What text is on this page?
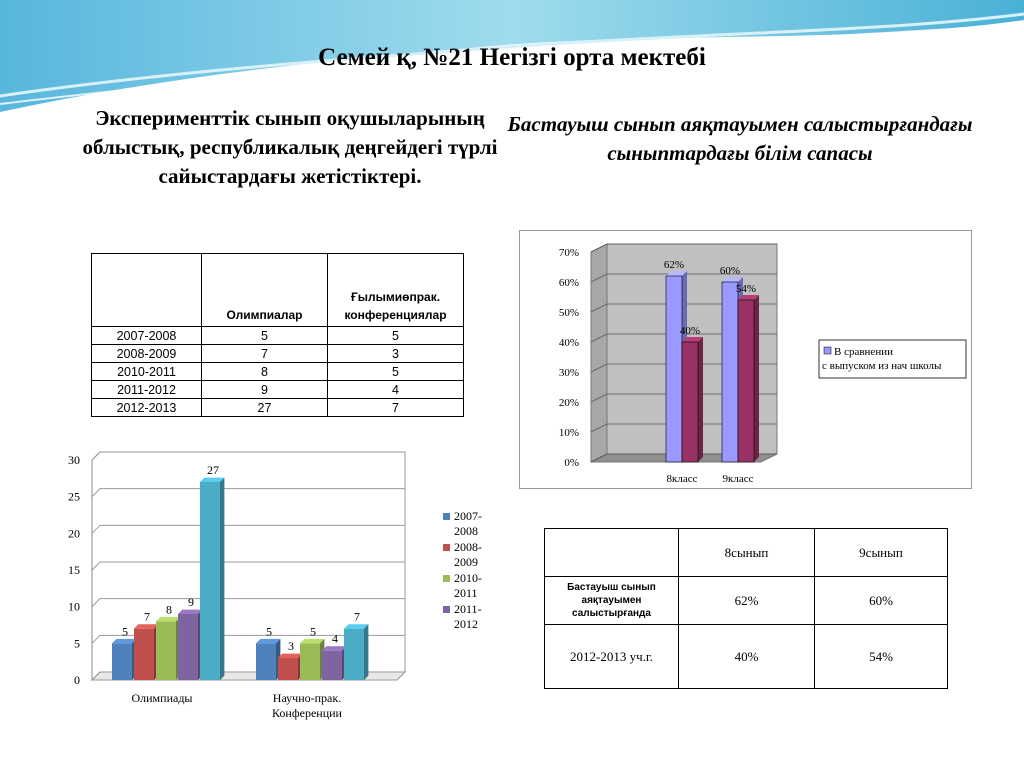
Семей қ, №21 Негізгі орта мектебі
Эксперименттік сынып оқушыларының облыстық, республикалық деңгейдегі түрлі сайыстардағы жетістіктері.
Бастауыш сынып аяқтауымен салыстырғандағы сыныптардағы білім сапасы
	Олимпиалар	Ғылымиөпрак. конференциялар
2007-2008	5	5
2008-2009	7	3
2010-2011	8	5
2011-2012	9	4
2012-2013	27	7
	8сынып	9сынып
Бастауыш сынып аяқтауымен салыстырғанда	62%	60%
2012-2013 уч.г.	40%	54%
0
5
10
15
20
25
30
5
7
8
9
27
5
3
5
4
7
Олимпиады	Научно-прак. Конференции
2007-2008
2008-2009
2010-2011
2011-2012
0%
10%
20%
30%
40%
50%
60%
70%
62%
40%
8класс
60%
54%
9класс
В сравнении с выпуском из нач школы
